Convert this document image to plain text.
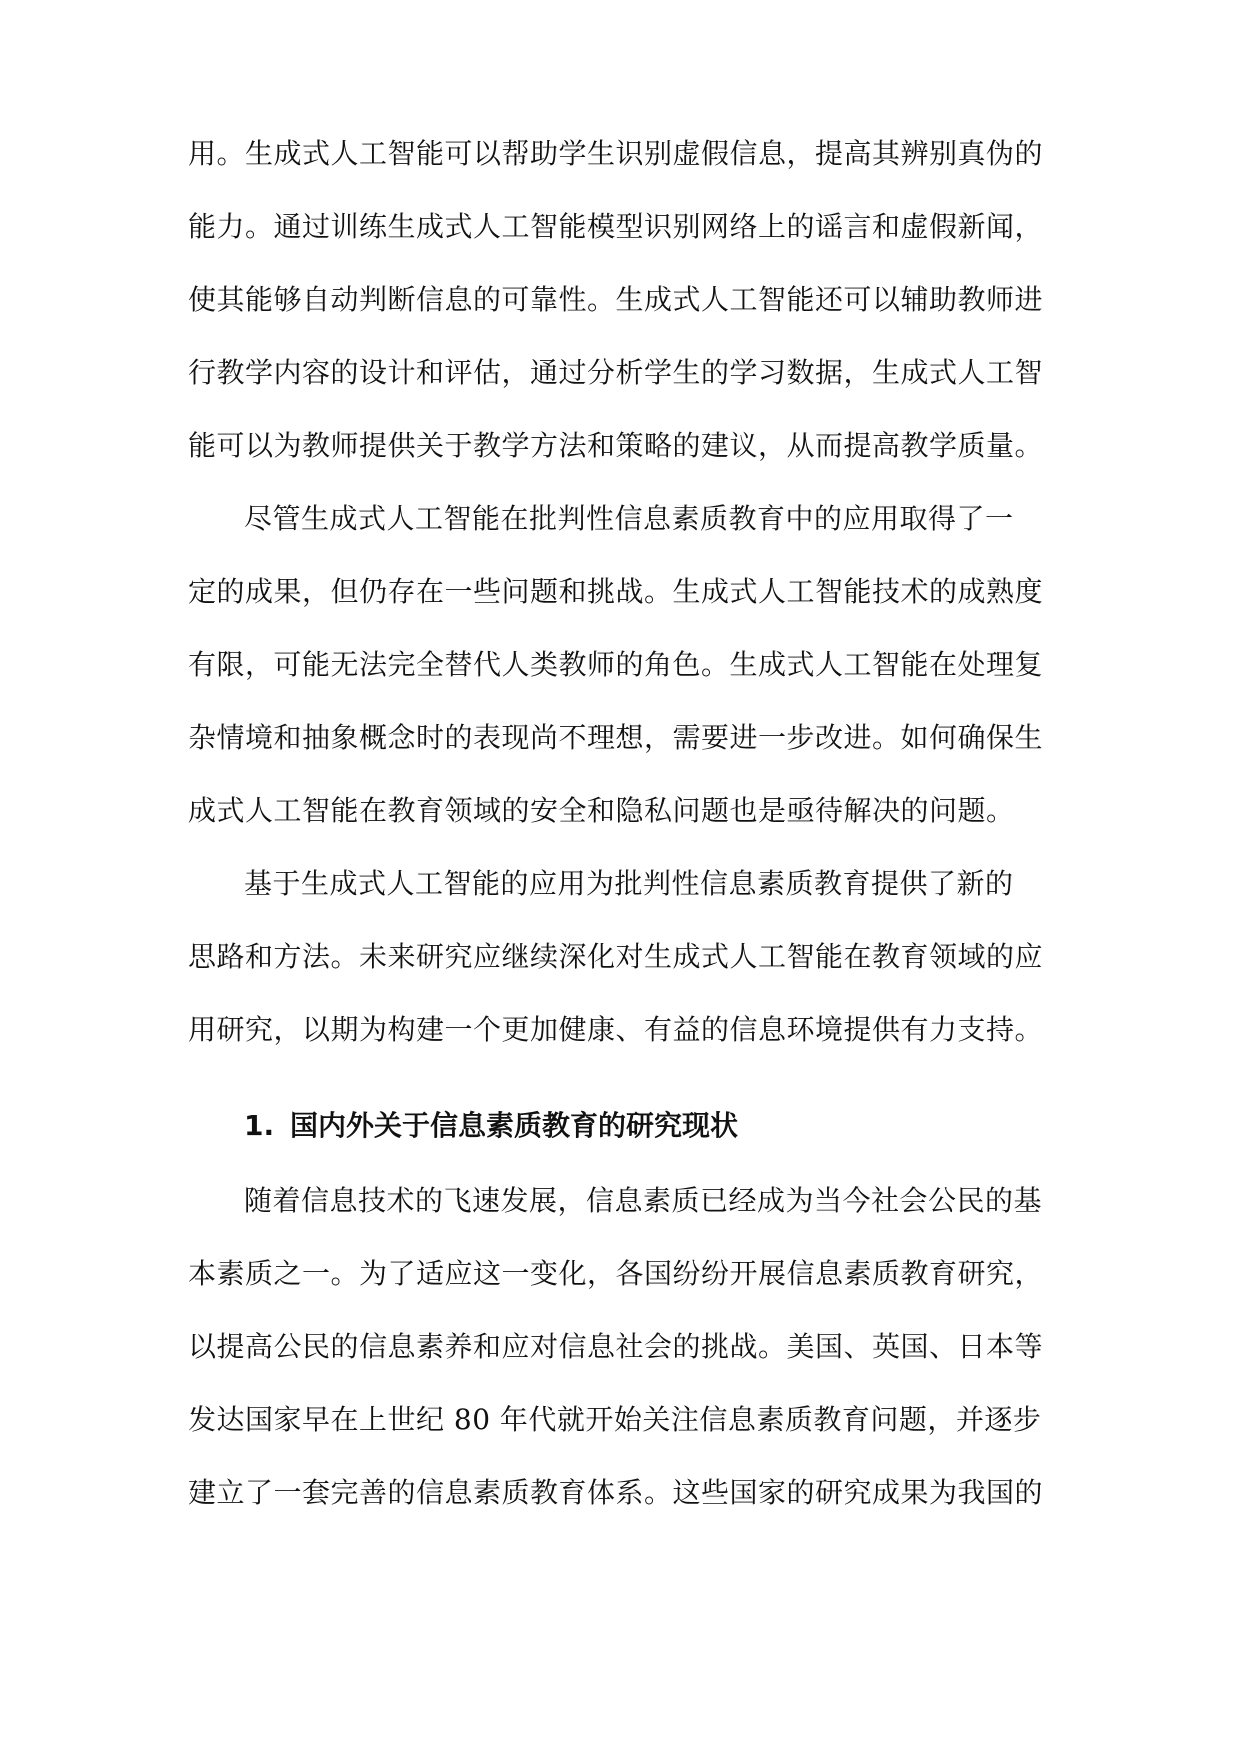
用。生成式人工智能可以帮助学生识别虚假信息，提高其辨别真伪的
能力。通过训练生成式人工智能模型识别网络上的谣言和虚假新闻，
使其能够自动判断信息的可靠性。生成式人工智能还可以辅助教师进
行教学内容的设计和评估，通过分析学生的学习数据，生成式人工智
能可以为教师提供关于教学方法和策略的建议，从而提高教学质量。
尽管生成式人工智能在批判性信息素质教育中的应用取得了一
定的成果，但仍存在一些问题和挑战。生成式人工智能技术的成熟度
有限，可能无法完全替代人类教师的角色。生成式人工智能在处理复
杂情境和抽象概念时的表现尚不理想，需要进一步改进。如何确保生
成式人工智能在教育领域的安全和隐私问题也是亟待解决的问题。
基于生成式人工智能的应用为批判性信息素质教育提供了新的
思路和方法。未来研究应继续深化对生成式人工智能在教育领域的应
用研究，以期为构建一个更加健康、有益的信息环境提供有力支持。
1. 国内外关于信息素质教育的研究现状
随着信息技术的飞速发展，信息素质已经成为当今社会公民的基
本素质之一。为了适应这一变化，各国纷纷开展信息素质教育研究，
以提高公民的信息素养和应对信息社会的挑战。美国、英国、日本等
发达国家早在上世纪 80 年代就开始关注信息素质教育问题，并逐步
建立了一套完善的信息素质教育体系。这些国家的研究成果为我国的
